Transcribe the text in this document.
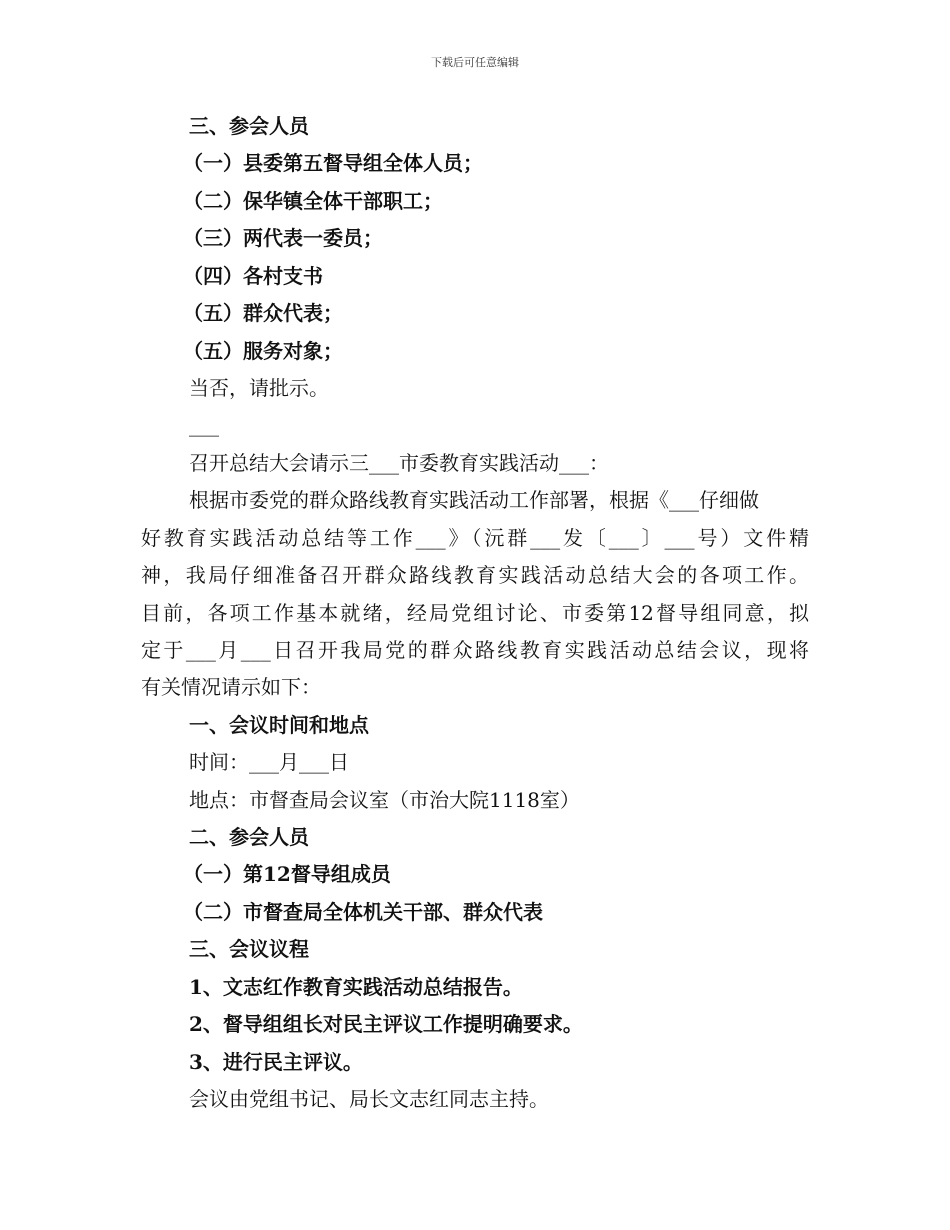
下载后可任意编辑
三、参会人员
（一）县委第五督导组全体人员；
（二）保华镇全体干部职工；
（三）两代表一委员；
（四）各村支书
（五）群众代表；
（五）服务对象；
当否，请批示。
___
召开总结大会请示三___市委教育实践活动___：
根据市委党的群众路线教育实践活动工作部署，根据《___仔细做
好教育实践活动总结等工作___》（沅群___发〔___〕___号）文件精
神，我局仔细准备召开群众路线教育实践活动总结大会的各项工作。
目前，各项工作基本就绪，经局党组讨论、市委第12督导组同意，拟
定于___月___日召开我局党的群众路线教育实践活动总结会议，现将
有关情况请示如下：
一、会议时间和地点
时间：___月___日
地点：市督查局会议室（市治大院1118室）
二、参会人员
（一）第12督导组成员
（二）市督查局全体机关干部、群众代表
三、会议议程
1、文志红作教育实践活动总结报告。
2、督导组组长对民主评议工作提明确要求。
3、进行民主评议。
会议由党组书记、局长文志红同志主持。
